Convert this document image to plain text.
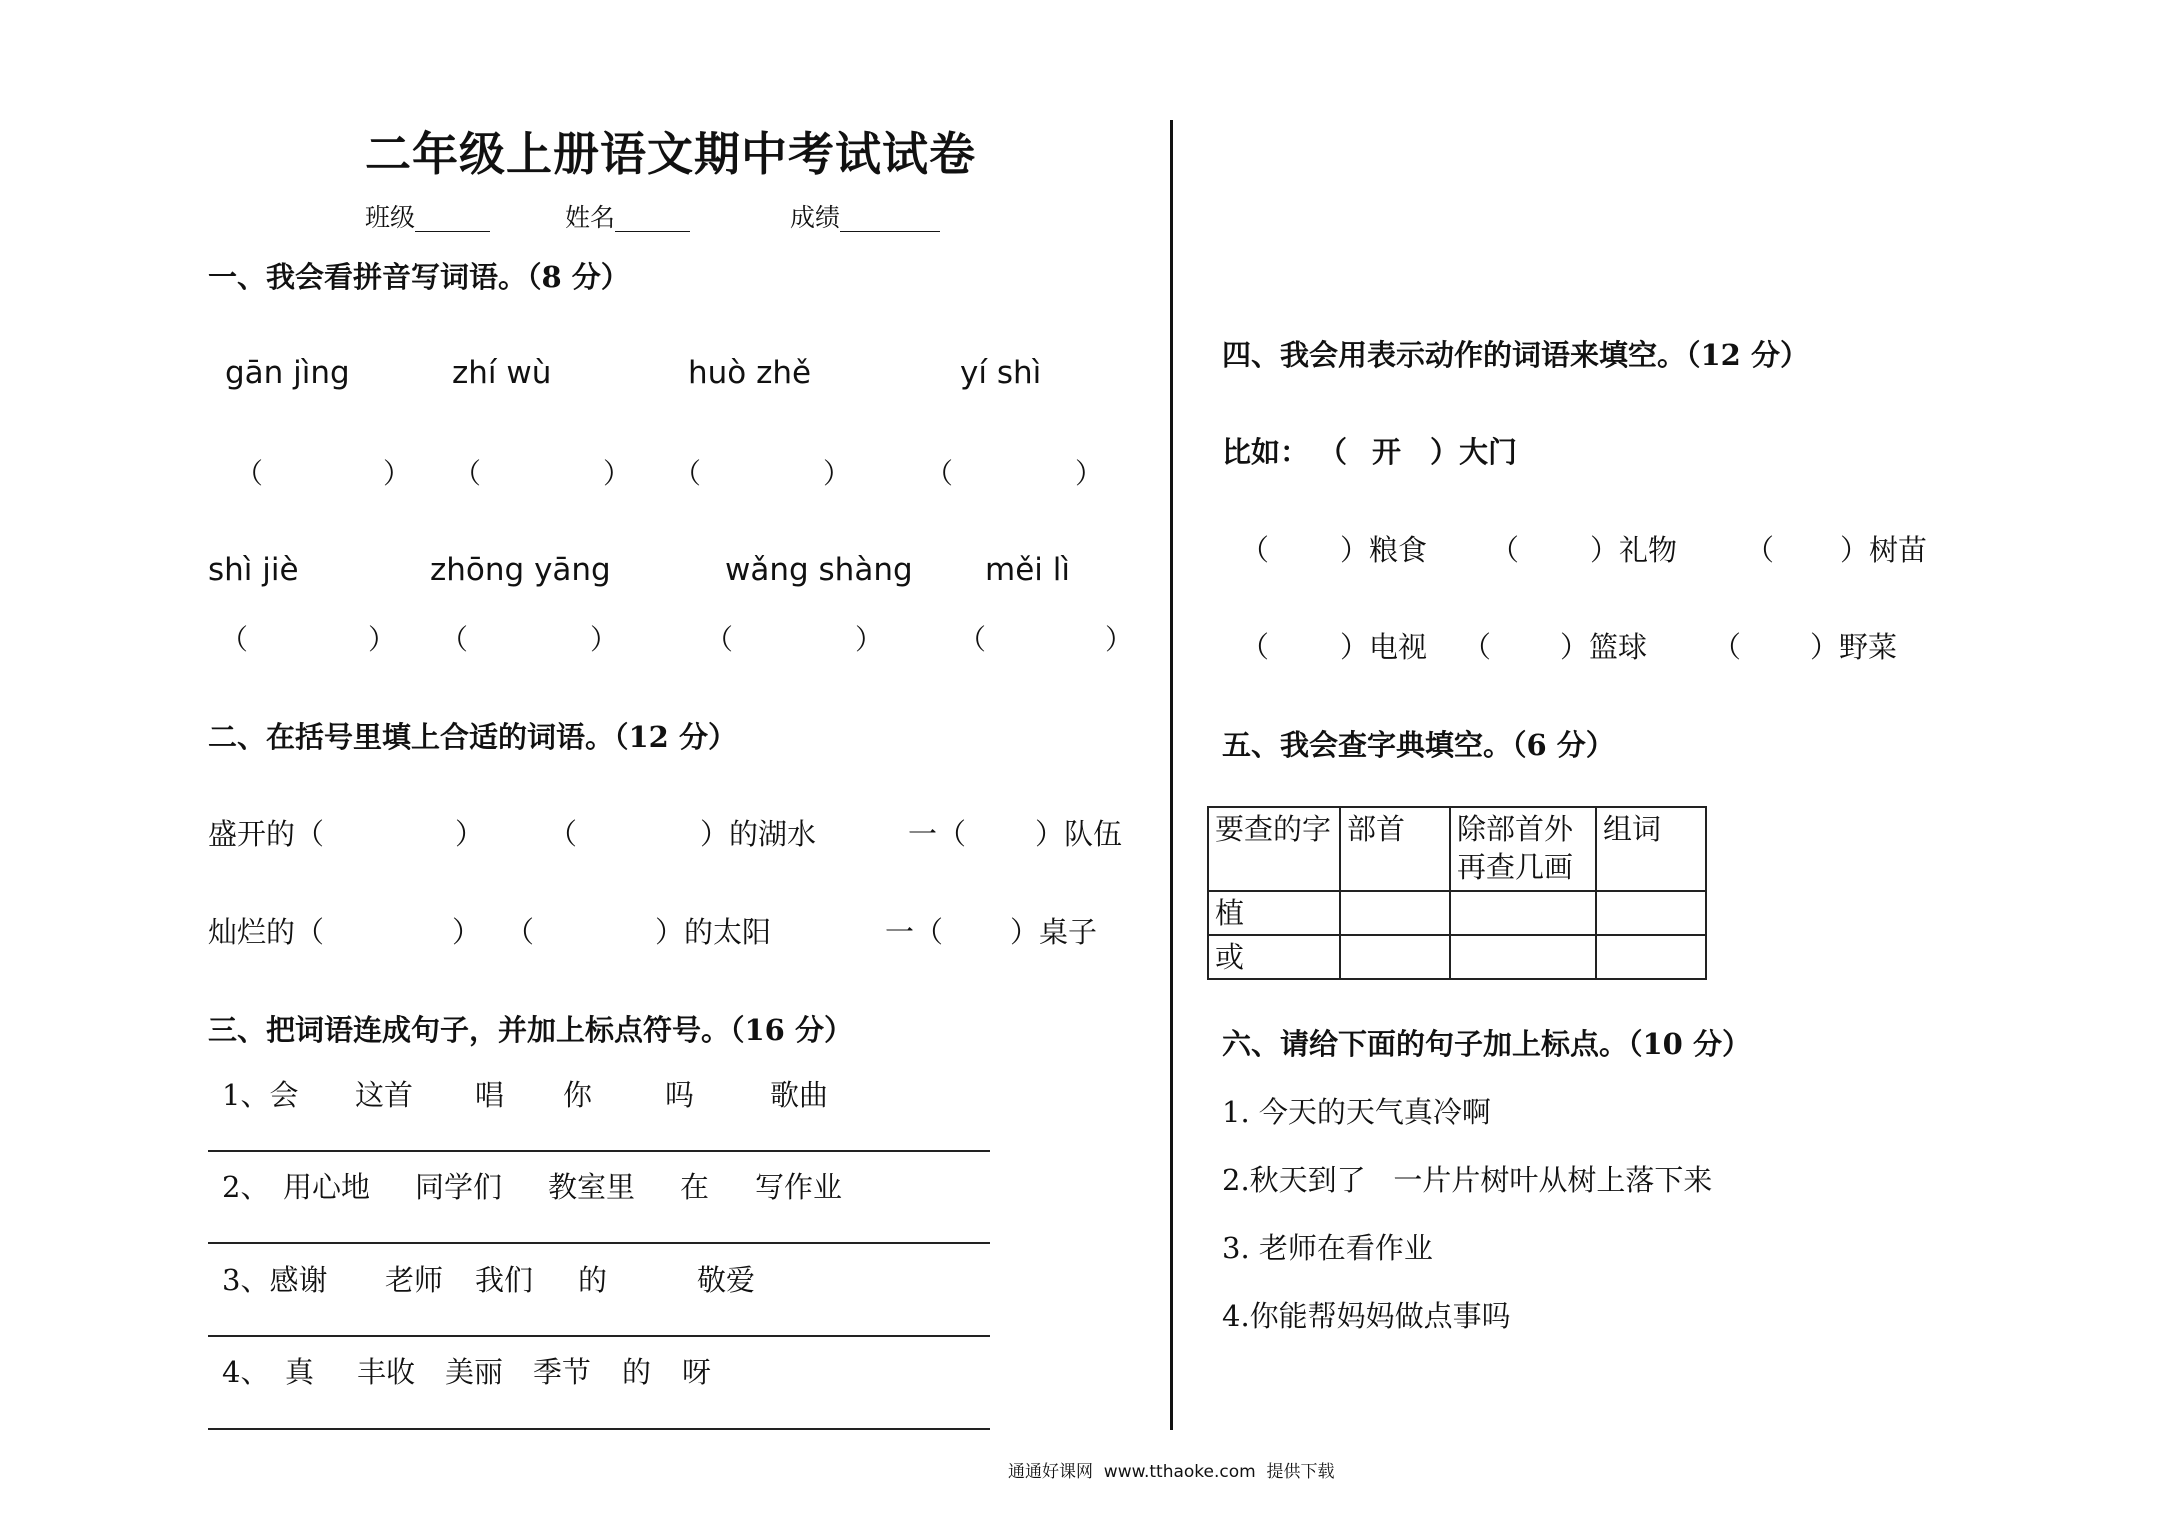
二年级上册语文期中考试试卷
班级______	姓名______	成绩________
一、我会看拼音写词语。（8 分）
gān jìng	zhí wù	huò zhě	yí shì
（	） （	） （	）	（	）
shì jiè	zhōng yāng	wǎng shàng měi lì
（	） （	）	（	）	（	）
二、在括号里填上合适的词语。（12 分）
盛开的（	） （	）的湖水	一（ ）队伍
灿烂的（	） （	）的太阳	一（ ）桌子
三、把词语连成句子，并加上标点符号。（16 分）
1、会 这首 唱 你	吗	歌曲
2、 用心地 同学们 教室里 在 写作业
3、感谢 老师 我们 的	敬爱
4、 真 丰收 美丽 季节 的 呀
四、我会用表示动作的词语来填空。（12 分）
比如： （ 开 ）大门
（ ）粮食 （ ）礼物 （ ）树苗
（ ）电视 （ ）篮球 （ ）野菜
五、我会查字典填空。（6 分）
要查的字	部首	除部首外再查几画	组词
植			
或			
六、请给下面的句子加上标点。（10 分）
1. 今天的天气真冷啊
2.秋天到了   一片片树叶从树上落下来
3. 老师在看作业
4.你能帮妈妈做点事吗
通通好课网  www.tthaoke.com  提供下载
